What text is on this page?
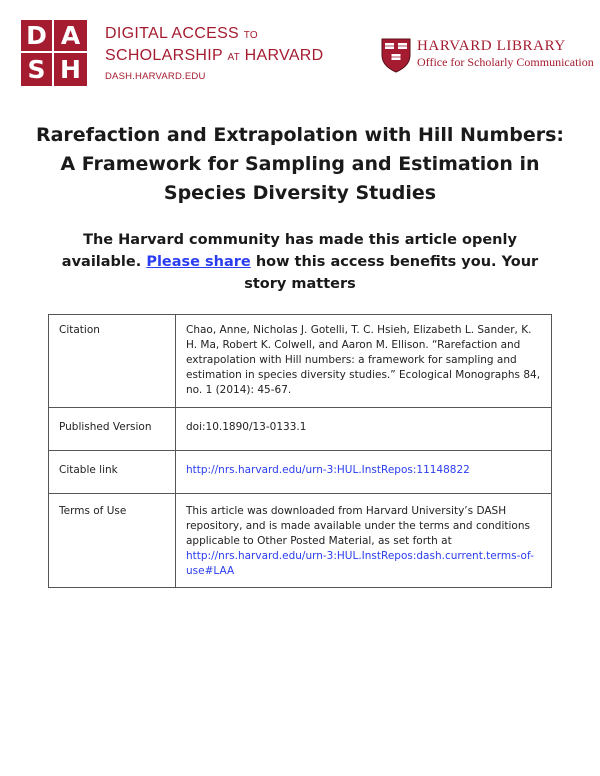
D A
S H
DIGITAL ACCESS TO
SCHOLARSHIP AT HARVARD
DASH.HARVARD.EDU
HARVARD LIBRARY
Office for Scholarly Communication
Rarefaction and Extrapolation with Hill Numbers: A Framework for Sampling and Estimation in Species Diversity Studies

The Harvard community has made this article openly available. Please share how this access benefits you. Your story matters

Citation	Chao, Anne, Nicholas J. Gotelli, T. C. Hsieh, Elizabeth L. Sander, K. H. Ma, Robert K. Colwell, and Aaron M. Ellison. “Rarefaction and extrapolation with Hill numbers: a framework for sampling and estimation in species diversity studies.” Ecological Monographs 84, no. 1 (2014): 45-67.
Published Version	doi:10.1890/13-0133.1
Citable link	http://nrs.harvard.edu/urn-3:HUL.InstRepos:11148822
Terms of Use	This article was downloaded from Harvard University’s DASH repository, and is made available under the terms and conditions applicable to Other Posted Material, as set forth at http://nrs.harvard.edu/urn-3:HUL.InstRepos:dash.current.terms-of-use#LAA
